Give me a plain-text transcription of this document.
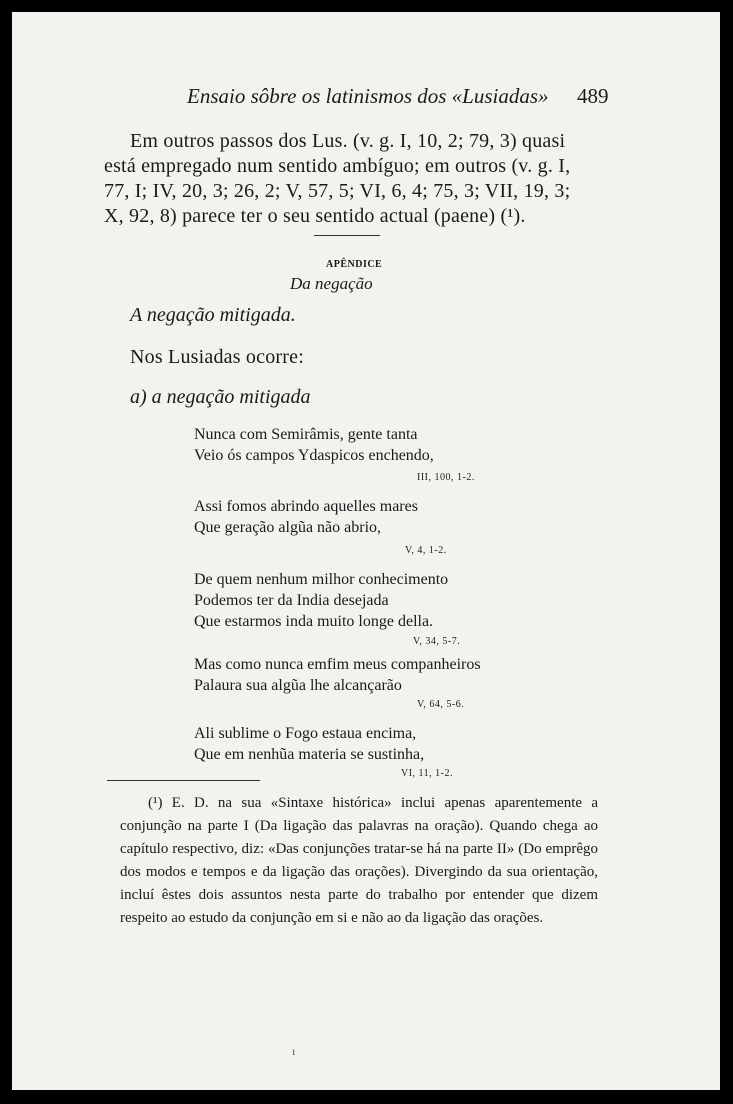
Ensaio sôbre os latinismos dos «Lusiadas» 489
Em outros passos dos Lus. (v. g. I, 10, 2; 79, 3) quasi
está empregado num sentido ambíguo; em outros (v. g. I,
77, I; IV, 20, 3; 26, 2; V, 57, 5; VI, 6, 4; 75, 3; VII, 19, 3;
X, 92, 8) parece ter o seu sentido actual (paene) (¹).
APÊNDICE
Da negação
A negação mitigada.
Nos Lusiadas ocorre:
a) a negação mitigada
Nunca com Semirâmis, gente tanta
Veio ós campos Ydaspicos enchendo,
III, 100, 1-2.
Assi fomos abrindo aquelles mares
Que geração algũa não abrio,
V, 4, 1-2.
De quem nenhum milhor conhecimento
Podemos ter da India desejada
Que estarmos inda muito longe della.
V, 34, 5-7.
Mas como nunca emfim meus companheiros
Palaura sua algũa lhe alcançarão
V, 64, 5-6.
Ali sublime o Fogo estaua encima,
Que em nenhũa materia se sustinha,
VI, 11, 1-2.

(¹) E. D. na sua «Sintaxe histórica» inclui apenas aparentemente a conjunção na parte I (Da ligação das palavras na oração). Quando chega ao capítulo respectivo, diz: «Das conjunções tratar-se há na parte II» (Do emprêgo dos modos e tempos e da ligação das orações). Divergindo da sua orientação, incluí êstes dois assuntos nesta parte do trabalho por entender que dizem respeito ao estudo da conjunção em si e não ao da ligação das orações.

ı
